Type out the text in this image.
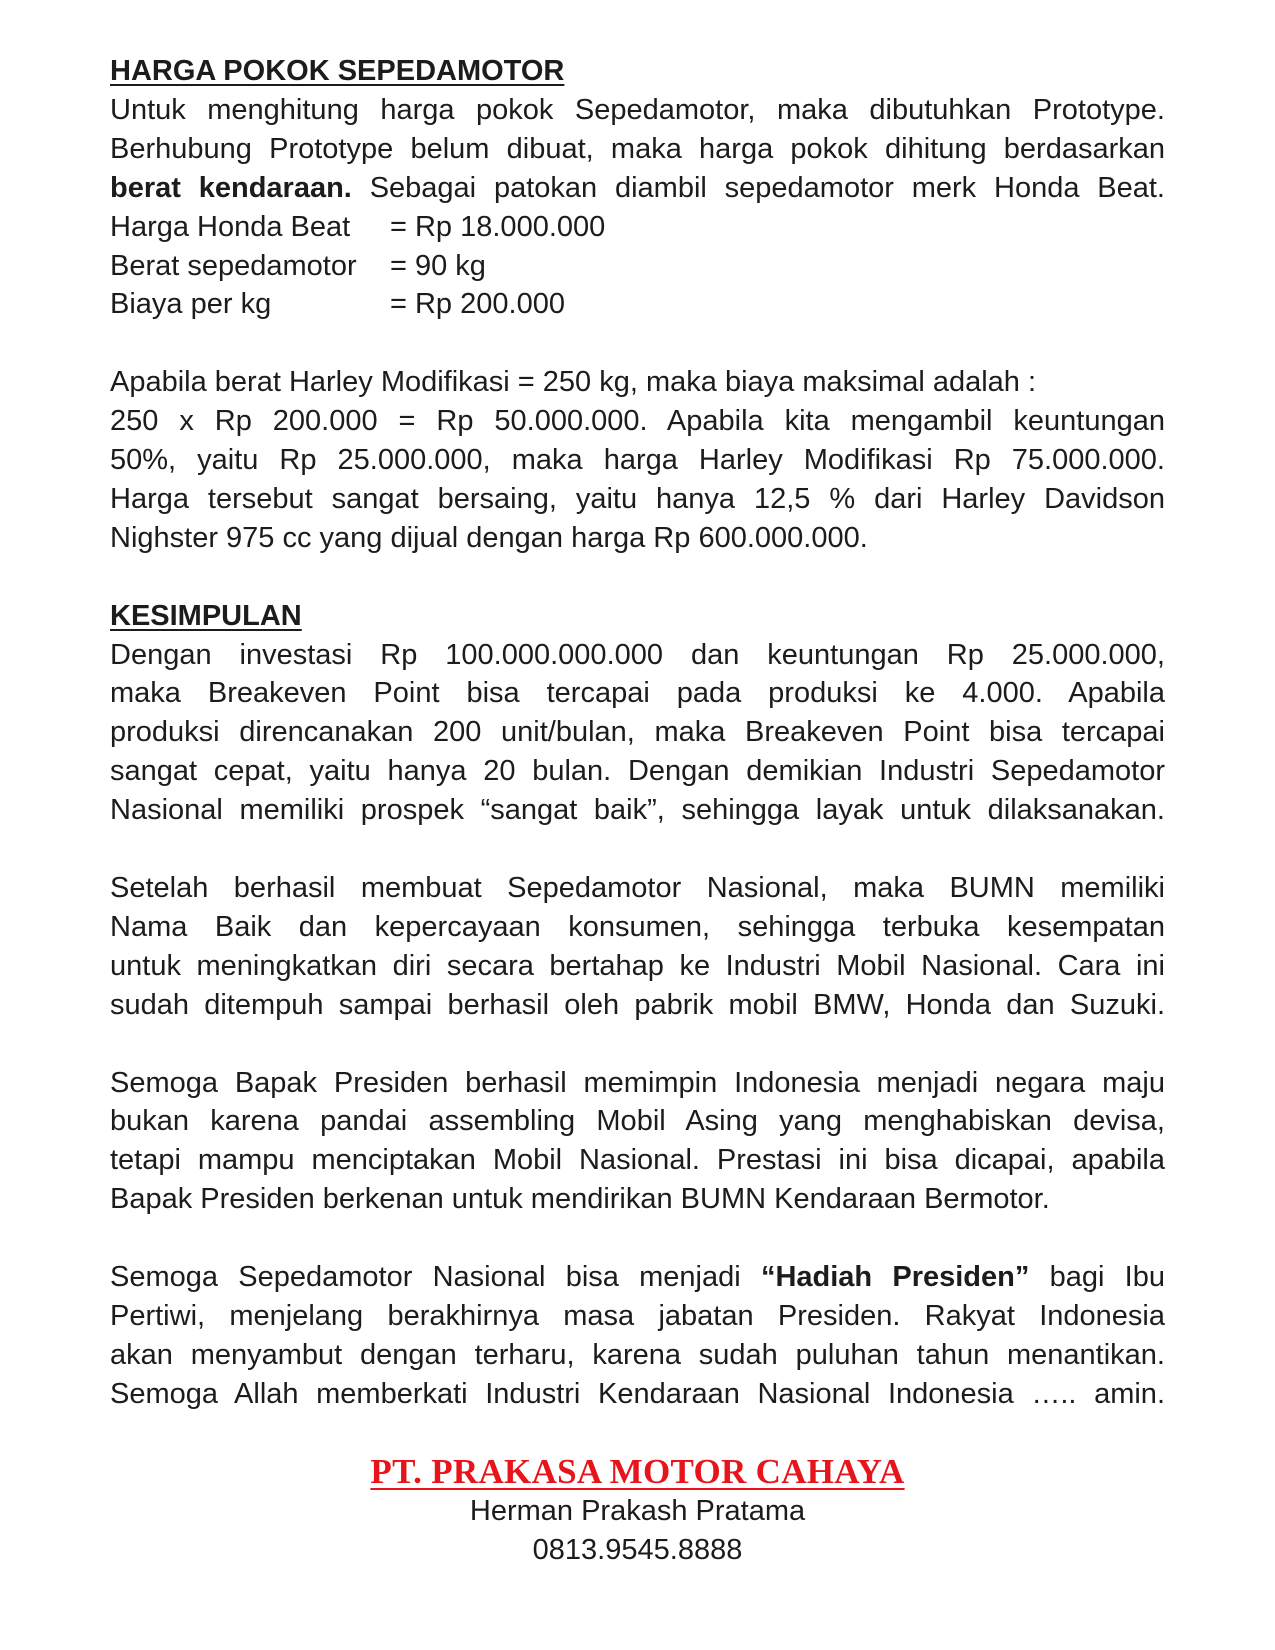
HARGA POKOK SEPEDAMOTOR

Untuk menghitung harga pokok Sepedamotor, maka dibutuhkan Prototype.
Berhubung Prototype belum dibuat, maka harga pokok dihitung berdasarkan

berat kendaraan. Sebagai patokan diambil sepedamotor merk Honda Beat.

Harga Honda Beat	= Rp 18.000.000
Berat sepedamotor	= 90 kg
Biaya per kg	= Rp 200.000

Apabila berat Harley Modifikasi = 250 kg, maka biaya maksimal adalah :

250 x Rp 200.000 = Rp 50.000.000. Apabila kita mengambil keuntungan
50%, yaitu Rp 25.000.000, maka harga Harley Modifikasi Rp 75.000.000.
Harga tersebut sangat bersaing, yaitu hanya 12,5 % dari Harley Davidson

Nighster 975 cc yang dijual dengan harga Rp 600.000.000.

KESIMPULAN

Dengan investasi Rp 100.000.000.000 dan keuntungan Rp 25.000.000,

maka Breakeven Point bisa tercapai pada produksi ke 4.000. Apabila

produksi direncanakan 200 unit/bulan, maka Breakeven Point bisa tercapai

sangat cepat, yaitu hanya 20 bulan. Dengan demikian Industri Sepedamotor

Nasional memiliki prospek “sangat baik”, sehingga layak untuk dilaksanakan.

Setelah berhasil membuat Sepedamotor Nasional, maka BUMN memiliki

Nama Baik dan kepercayaan konsumen, sehingga terbuka kesempatan

untuk meningkatkan diri secara bertahap ke Industri Mobil Nasional. Cara ini

sudah ditempuh sampai berhasil oleh pabrik mobil BMW, Honda dan Suzuki.

Semoga Bapak Presiden berhasil memimpin Indonesia menjadi negara maju

bukan karena pandai assembling Mobil Asing yang menghabiskan devisa,

tetapi mampu menciptakan Mobil Nasional. Prestasi ini bisa dicapai, apabila

Bapak Presiden berkenan untuk mendirikan BUMN Kendaraan Bermotor.

Semoga Sepedamotor Nasional bisa menjadi “Hadiah Presiden” bagi Ibu

Pertiwi, menjelang berakhirnya masa jabatan Presiden. Rakyat Indonesia

akan menyambut dengan terharu, karena sudah puluhan tahun menantikan.

Semoga Allah memberkati Industri Kendaraan Nasional Indonesia ….. amin.

PT. PRAKASA MOTOR CAHAYA
Herman Prakash Pratama
0813.9545.8888
